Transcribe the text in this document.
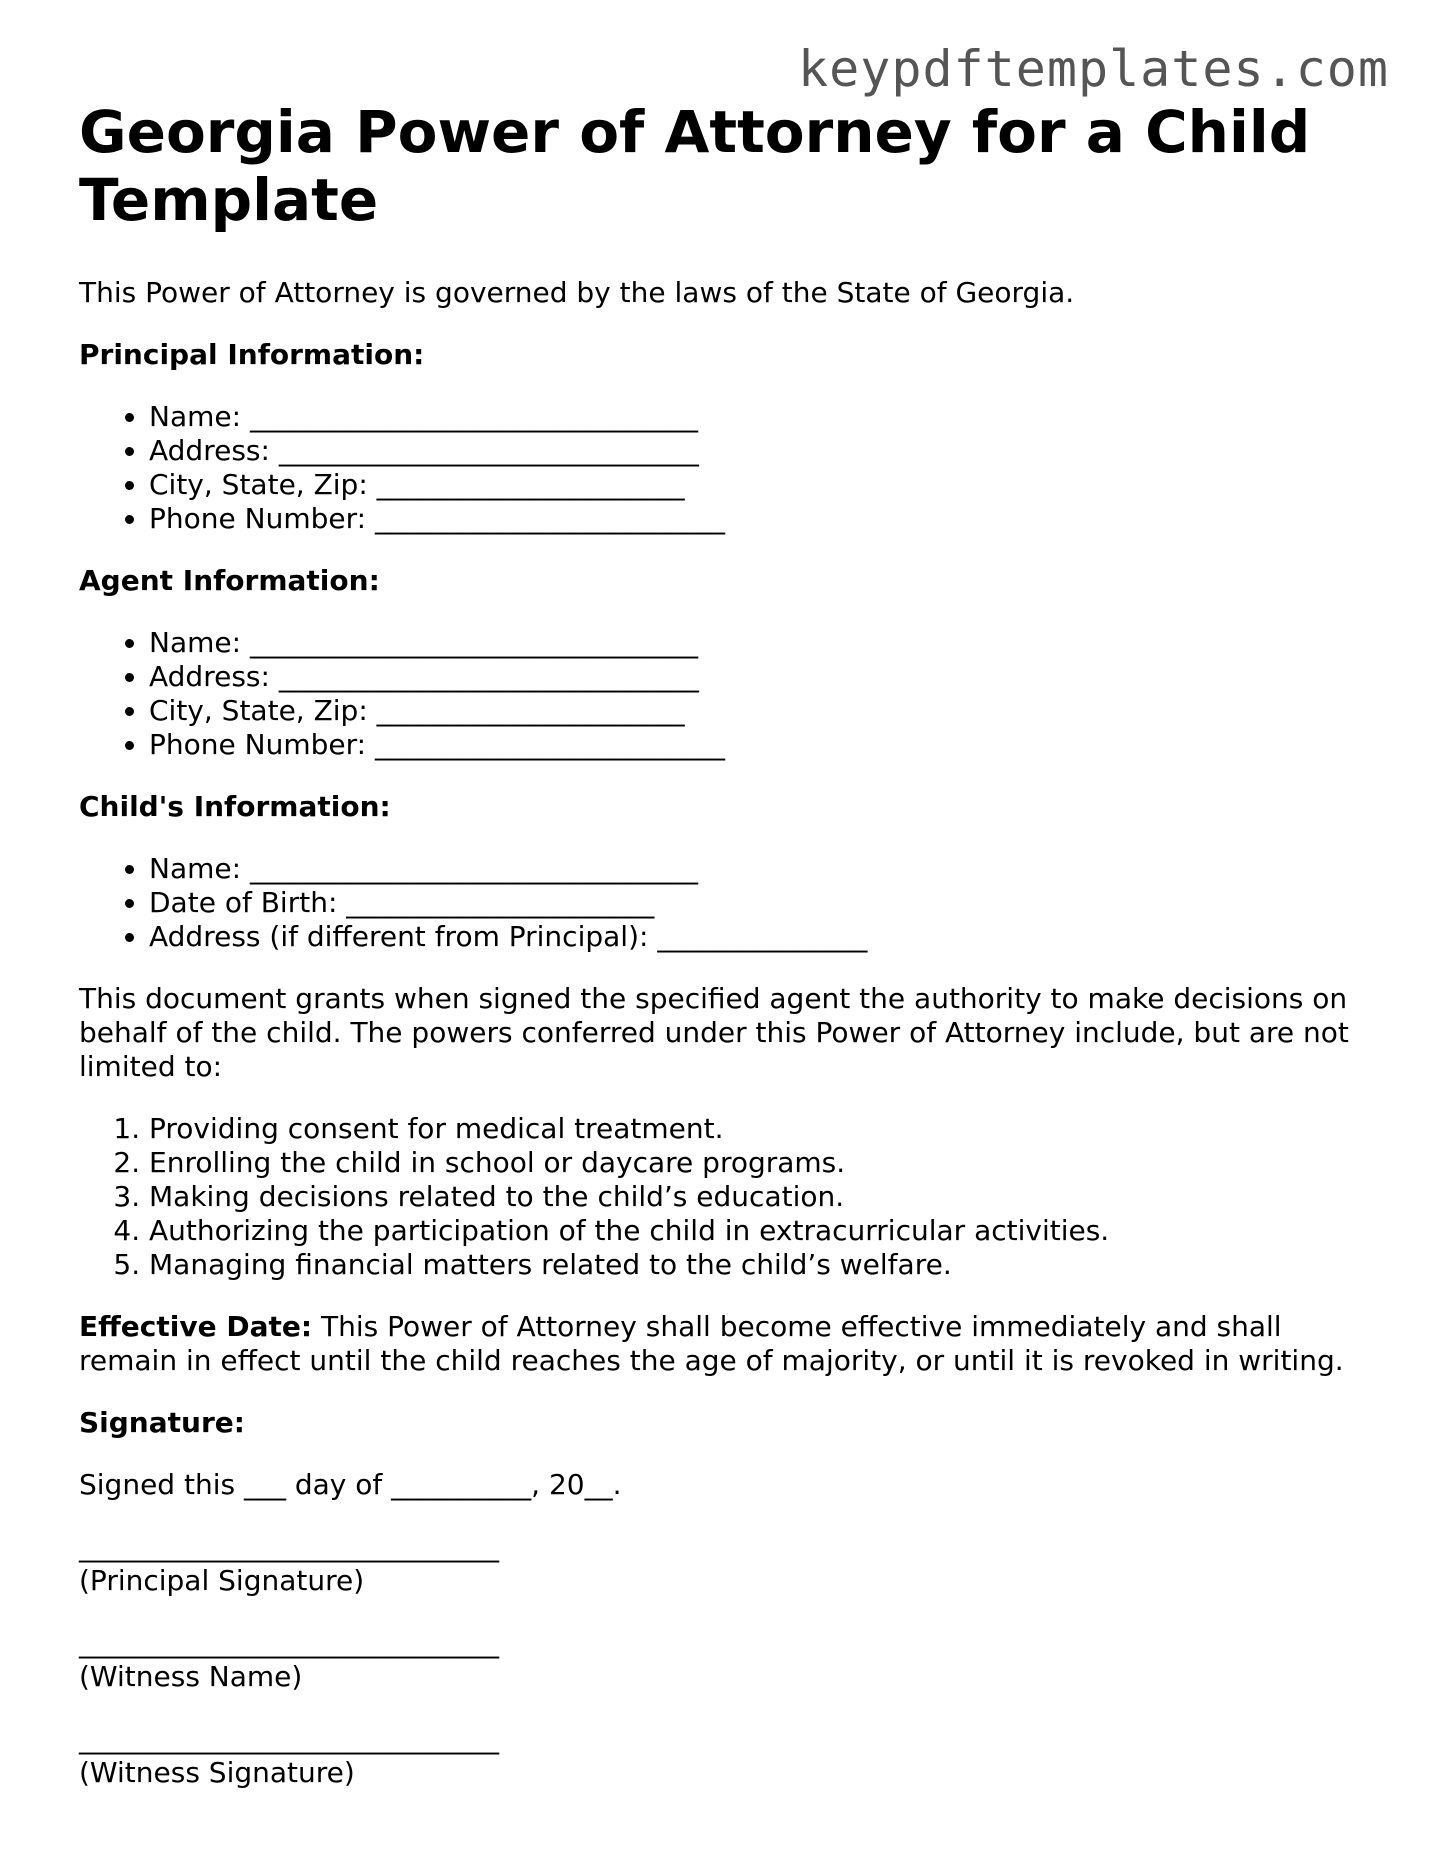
keypdftemplates.com
Georgia Power of Attorney for a Child Template

This Power of Attorney is governed by the laws of the State of Georgia.

Principal Information:
• Name: ________________________________
• Address: ______________________________
• City, State, Zip: ______________________
• Phone Number: _________________________
Agent Information:
• Name: ________________________________
• Address: ______________________________
• City, State, Zip: ______________________
• Phone Number: _________________________
Child's Information:
• Name: ________________________________
• Date of Birth: ______________________
• Address (if different from Principal): _______________

This document grants when signed the specified agent the authority to make decisions on behalf of the child. The powers conferred under this Power of Attorney include, but are not limited to:

1. Providing consent for medical treatment.
2. Enrolling the child in school or daycare programs.
3. Making decisions related to the child’s education.
4. Authorizing the participation of the child in extracurricular activities.
5. Managing financial matters related to the child’s welfare.

Effective Date: This Power of Attorney shall become effective immediately and shall remain in effect until the child reaches the age of majority, or until it is revoked in writing.

Signature:

Signed this ___ day of __________, 20__.

______________________________
(Principal Signature)
______________________________
(Witness Name)
______________________________
(Witness Signature)
